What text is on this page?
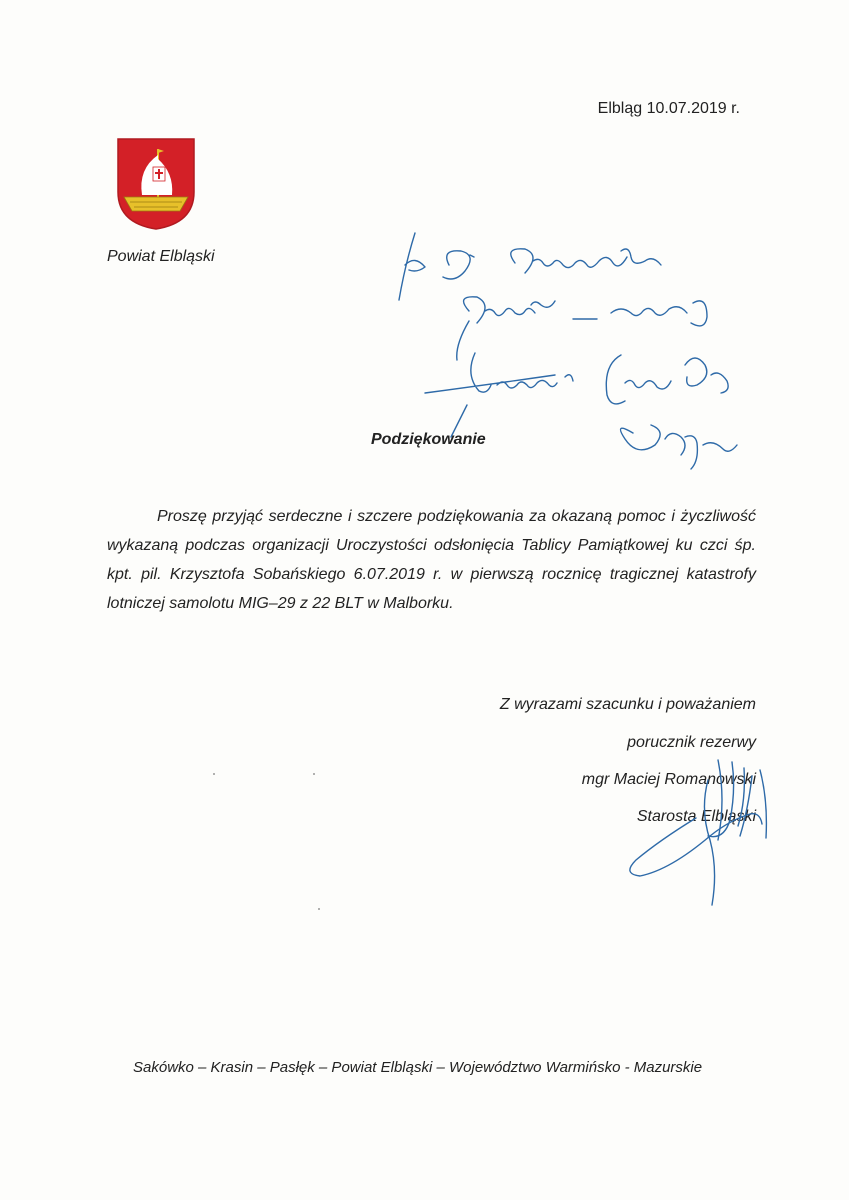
Elbląg 10.07.2019 r.
Powiat Elbląski
Podziękowanie

Proszę przyjąć serdeczne i szczere podziękowania za okazaną pomoc i życzliwość wykazaną podczas organizacji Uroczystości odsłonięcia Tablicy Pamiątkowej ku czci śp. kpt. pil. Krzysztofa Sobańskiego 6.07.2019 r. w pierwszą rocznicę tragicznej katastrofy lotniczej samolotu MIG–29 z 22 BLT w Malborku.

Z wyrazami szacunku i poważaniem
porucznik rezerwy
mgr Maciej Romanowski
Starosta Elbląski
Sakówko – Krasin – Pasłęk – Powiat Elbląski – Województwo Warmińsko - Mazurskie
